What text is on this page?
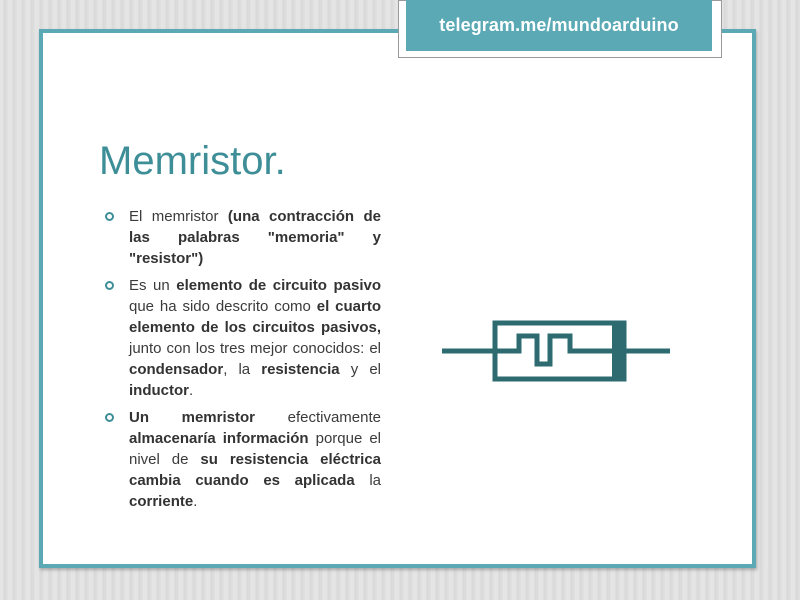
telegram.me/mundoarduino
Memristor.
El memristor (una contracción de las palabras "memoria" y "resistor")
Es un elemento de circuito pasivo que ha sido descrito como el cuarto elemento de los circuitos pasivos, junto con los tres mejor conocidos: el condensador, la resistencia y el inductor.
Un memristor efectivamente almacenaría información porque el nivel de su resistencia eléctrica cambia cuando es aplicada la corriente.
